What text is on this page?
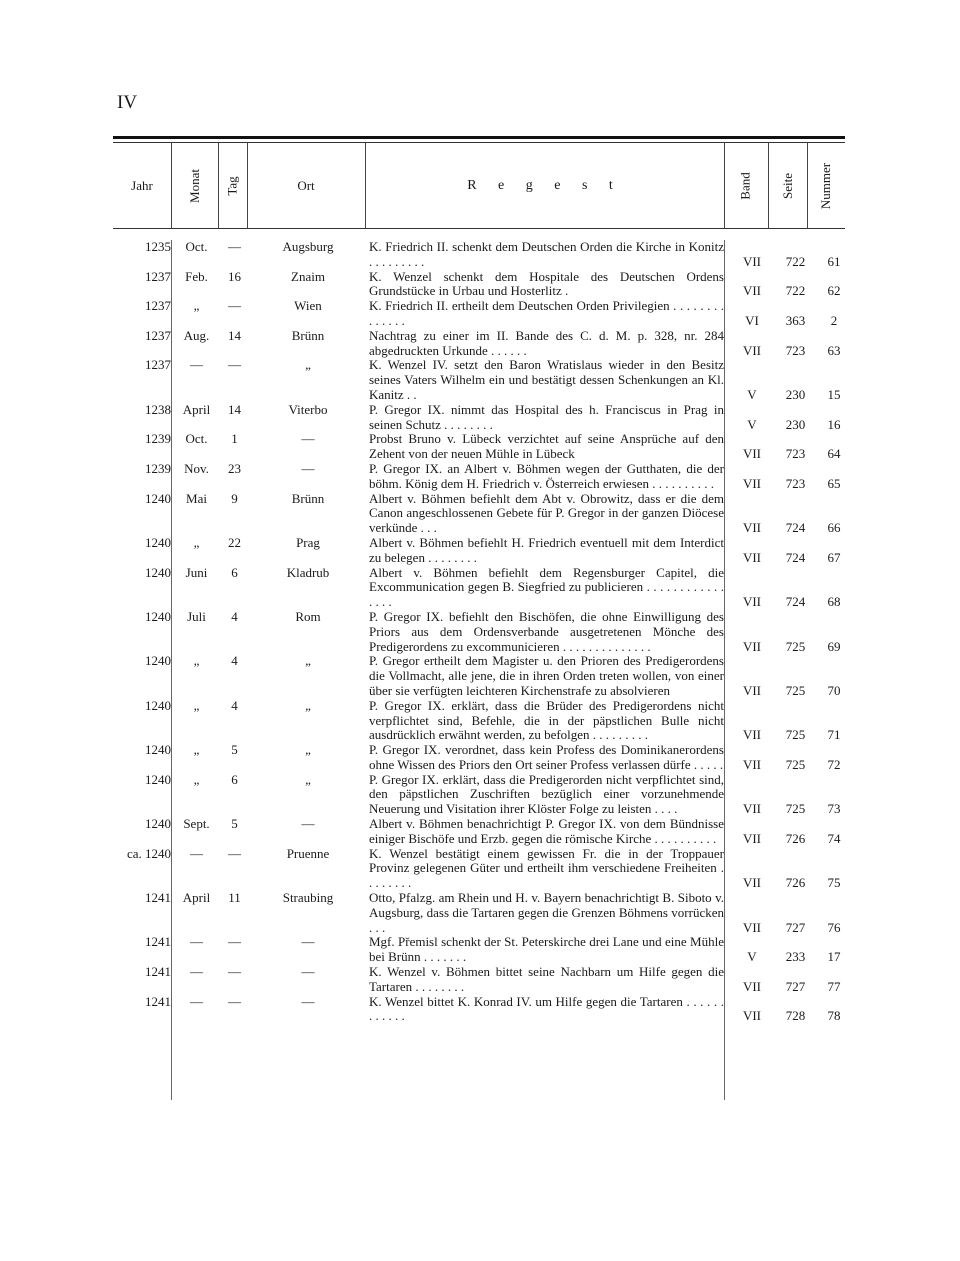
IV
Jahr	Monat Tag	Ort	R e g e s t	Band Seite Nummer
1235	Oct.	—	Augsburg	K. Friedrich II. schenkt dem Deutschen Orden die Kirche in Konitz . . . . . . . . .	VII	722	61
1237	Feb.	16	Znaim	K. Wenzel schenkt dem Hospitale des Deutschen Ordens Grundstücke in Urbau und Hosterlitz .	VII	722	62
1237	„	—	Wien	K. Friedrich II. ertheilt dem Deutschen Orden Privilegien . . . . . . . . . . . . . .	VI	363	2
1237	Aug.	14	Brünn	Nachtrag zu einer im II. Bande des C. d. M. p. 328, nr. 284 abgedruckten Urkunde . . . . . .	VII	723	63
1237	—	—	„	K. Wenzel IV. setzt den Baron Wratislaus wieder in den Besitz seines Vaters Wilhelm ein und bestätigt dessen Schenkungen an Kl. Kanitz . .	V	230	15
1238	April	14	Viterbo	P. Gregor IX. nimmt das Hospital des h. Franciscus in Prag in seinen Schutz . . . . . . . .	V	230	16
1239	Oct.	1	—	Probst Bruno v. Lübeck verzichtet auf seine Ansprüche auf den Zehent von der neuen Mühle in Lübeck	VII	723	64
1239	Nov.	23	—	P. Gregor IX. an Albert v. Böhmen wegen der Gutthaten, die der böhm. König dem H. Friedrich v. Österreich erwiesen . . . . . . . . . .	VII	723	65
1240	Mai	9	Brünn	Albert v. Böhmen befiehlt dem Abt v. Obrowitz, dass er die dem Canon angeschlossenen Gebete für P. Gregor in der ganzen Diöcese verkünde . . .	VII	724	66
1240	„	22	Prag	Albert v. Böhmen befiehlt H. Friedrich eventuell mit dem Interdict zu belegen . . . . . . . .	VII	724	67
1240	Juni	6	Kladrub	Albert v. Böhmen befiehlt dem Regensburger Capitel, die Excommunication gegen B. Siegfried zu publicieren . . . . . . . . . . . . . . . .	VII	724	68
1240	Juli	4	Rom	P. Gregor IX. befiehlt den Bischöfen, die ohne Einwilligung des Priors aus dem Ordensverbande ausgetretenen Mönche des Predigerordens zu excommunicieren . . . . . . . . . . . . . .	VII	725	69
1240	„	4	„	P. Gregor ertheilt dem Magister u. den Prioren des Predigerordens die Vollmacht, alle jene, die in ihren Orden treten wollen, von einer über sie verfügten leichteren Kirchenstrafe zu absolvieren	VII	725	70
1240	„	4	„	P. Gregor IX. erklärt, dass die Brüder des Predigerordens nicht verpflichtet sind, Befehle, die in der päpstlichen Bulle nicht ausdrücklich erwähnt werden, zu befolgen . . . . . . . . .	VII	725	71
1240	„	5	„	P. Gregor IX. verordnet, dass kein Profess des Dominikanerordens ohne Wissen des Priors den Ort seiner Profess verlassen dürfe . . . . .	VII	725	72
1240	„	6	„	P. Gregor IX. erklärt, dass die Predigerorden nicht verpflichtet sind, den päpstlichen Zuschriften bezüglich einer vorzunehmende Neuerung und Visitation ihrer Klöster Folge zu leisten . . . .	VII	725	73
1240	Sept.	5	—	Albert v. Böhmen benachrichtigt P. Gregor IX. von dem Bündnisse einiger Bischöfe und Erzb. gegen die römische Kirche . . . . . . . . . .	VII	726	74
ca. 1240	—	—	Pruenne	K. Wenzel bestätigt einem gewissen Fr. die in der Troppauer Provinz gelegenen Güter und ertheilt ihm verschiedene Freiheiten . . . . . . . .	VII	726	75
1241	April	11	Straubing	Otto, Pfalzg. am Rhein und H. v. Bayern benachrichtigt B. Sibotо v. Augsburg, dass die Tartaren gegen die Grenzen Böhmens vorrücken . . .	VII	727	76
1241	—	—	—	Mgf. Přemisl schenkt der St. Peterskirche drei Lane und eine Mühle bei Brünn . . . . . . .	V	233	17
1241	—	—	—	K. Wenzel v. Böhmen bittet seine Nachbarn um Hilfe gegen die Tartaren . . . . . . . .	VII	727	77
1241	—	—	—	K. Wenzel bittet K. Konrad IV. um Hilfe gegen die Tartaren . . . . . . . . . . . .	VII	728	78
